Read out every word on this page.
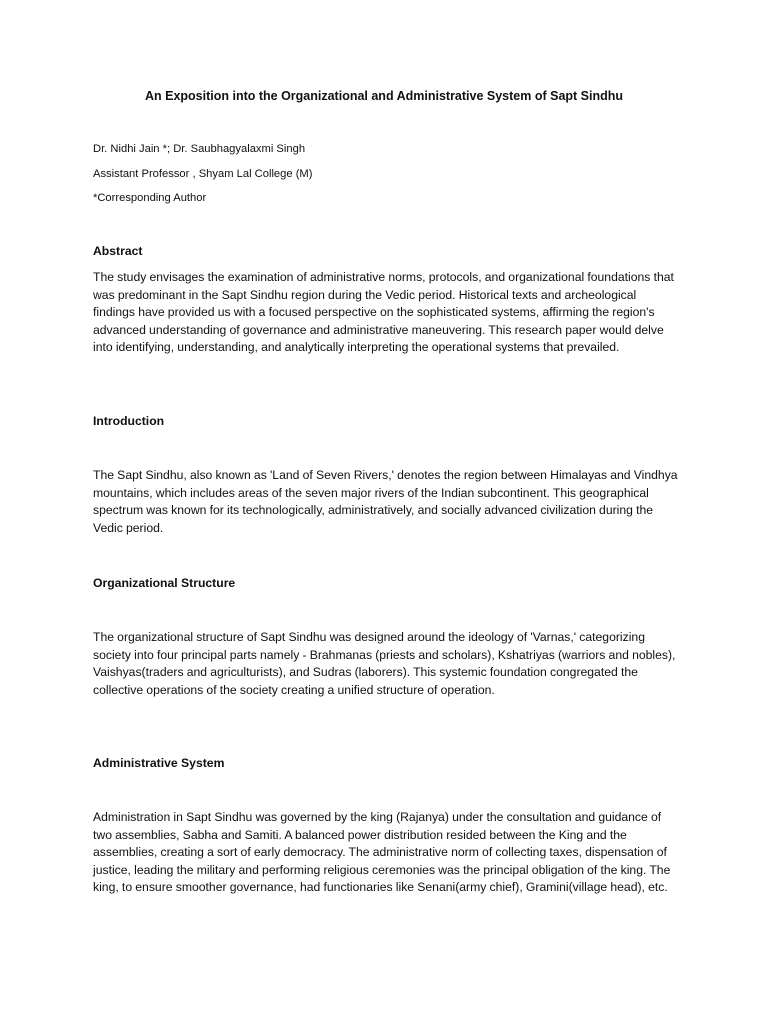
An Exposition into the Organizational and Administrative System of Sapt Sindhu

Dr. Nidhi Jain *; Dr. Saubhagyalaxmi Singh

Assistant Professor , Shyam Lal College (M)

*Corresponding Author

Abstract

The study envisages the examination of administrative norms, protocols, and organizational foundations that was predominant in the Sapt Sindhu region during the Vedic period. Historical texts and archeological findings have provided us with a focused perspective on the sophisticated systems, affirming the region's advanced understanding of governance and administrative maneuvering. This research paper would delve into identifying, understanding, and analytically interpreting the operational systems that prevailed.

Introduction

The Sapt Sindhu, also known as 'Land of Seven Rivers,' denotes the region between Himalayas and Vindhya mountains, which includes areas of the seven major rivers of the Indian subcontinent. This geographical spectrum was known for its technologically, administratively, and socially advanced civilization during the Vedic period.

Organizational Structure

The organizational structure of Sapt Sindhu was designed around the ideology of 'Varnas,' categorizing society into four principal parts namely - Brahmanas (priests and scholars), Kshatriyas (warriors and nobles), Vaishyas(traders and agriculturists), and Sudras (laborers). This systemic foundation congregated the collective operations of the society creating a unified structure of operation.

Administrative System

Administration in Sapt Sindhu was governed by the king (Rajanya) under the consultation and guidance of two assemblies, Sabha and Samiti. A balanced power distribution resided between the King and the assemblies, creating a sort of early democracy. The administrative norm of collecting taxes, dispensation of justice, leading the military and performing religious ceremonies was the principal obligation of the king. The king, to ensure smoother governance, had functionaries like Senani(army chief), Gramini(village head), etc.
